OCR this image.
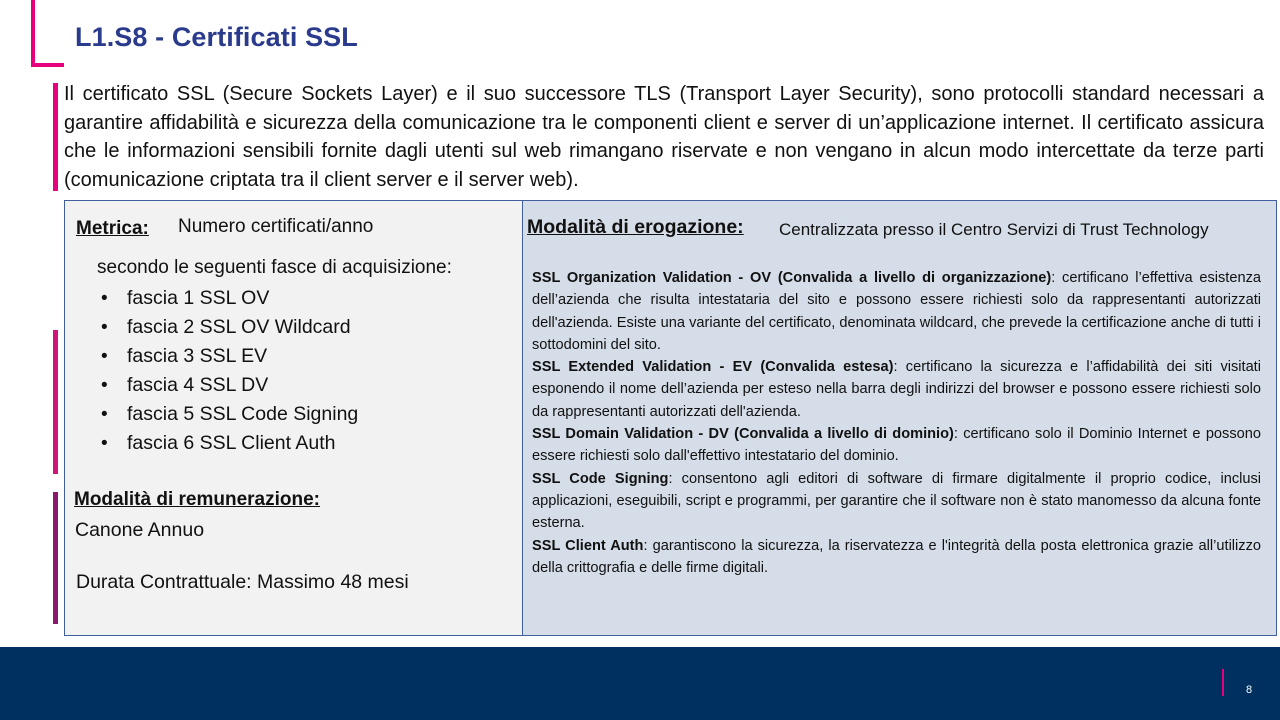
L1.S8 - Certificati SSL

Il certificato SSL (Secure Sockets Layer) e il suo successore TLS (Transport Layer Security), sono protocolli standard necessari a garantire affidabilità e sicurezza della comunicazione tra le componenti client e server di un’applicazione internet. Il certificato assicura che le informazioni sensibili fornite dagli utenti sul web rimangano riservate e non vengano in alcun modo intercettate da terze parti (comunicazione criptata tra il client server e il server web).

Metrica: Numero certificati/anno
secondo le seguenti fasce di acquisizione:
• fascia 1 SSL OV
• fascia 2 SSL OV Wildcard
• fascia 3 SSL EV
• fascia 4 SSL DV
• fascia 5 SSL Code Signing
• fascia 6 SSL Client Auth
Modalità di remunerazione:
Canone Annuo
Durata Contrattuale: Massimo 48 mesi
Modalità di erogazione: Centralizzata presso il Centro Servizi di Trust Technology

SSL Organization Validation - OV (Convalida a livello di organizzazione): certificano l’effettiva esistenza dell’azienda che risulta intestataria del sito e possono essere richiesti solo da rappresentanti autorizzati dell'azienda. Esiste una variante del certificato, denominata wildcard, che prevede la certificazione anche di tutti i sottodomini del sito.

SSL Extended Validation - EV (Convalida estesa): certificano la sicurezza e l’affidabilità dei siti visitati esponendo il nome dell’azienda per esteso nella barra degli indirizzi del browser e possono essere richiesti solo da rappresentanti autorizzati dell'azienda.

SSL Domain Validation - DV (Convalida a livello di dominio): certificano solo il Dominio Internet e possono essere richiesti solo dall'effettivo intestatario del dominio.

SSL Code Signing: consentono agli editori di software di firmare digitalmente il proprio codice, inclusi applicazioni, eseguibili, script e programmi, per garantire che il software non è stato manomesso da alcuna fonte esterna.

SSL Client Auth: garantiscono la sicurezza, la riservatezza e l'integrità della posta elettronica grazie all’utilizzo della crittografia e delle firme digitali.

8
